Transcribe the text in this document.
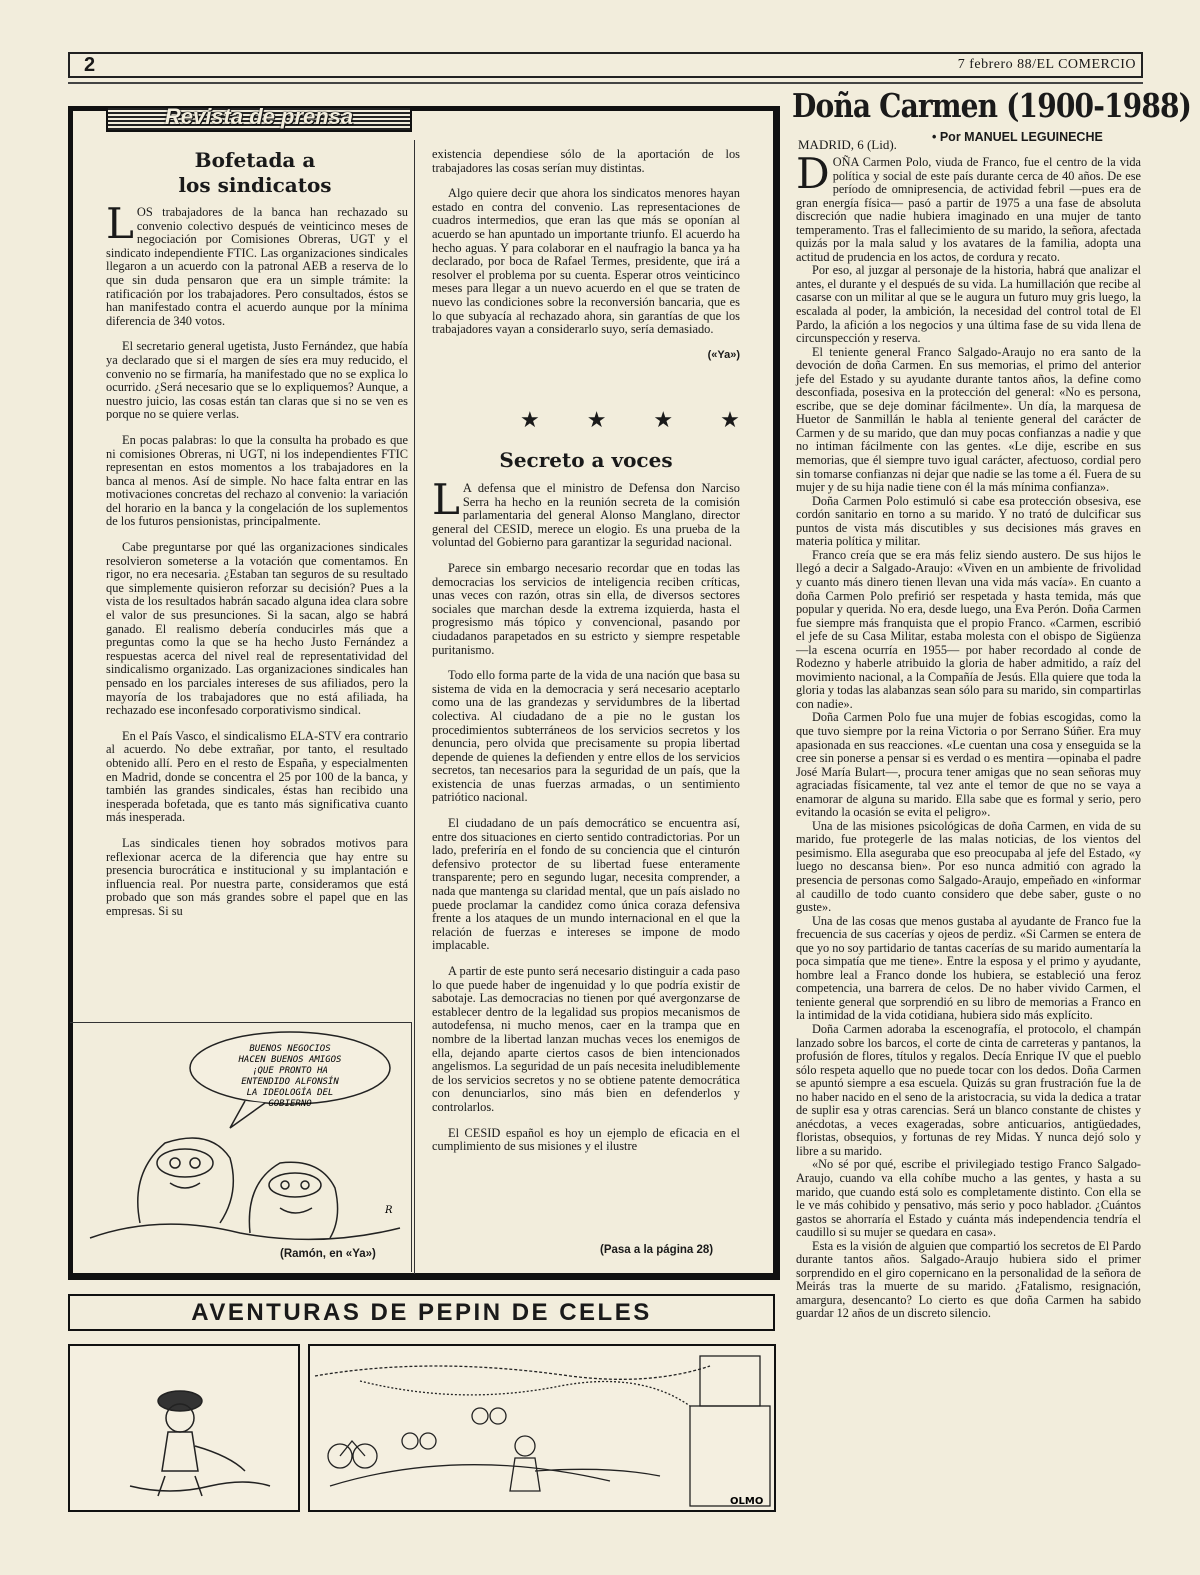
2	7 febrero 88/EL COMERCIO
Revista de prensa
Bofetada a
los sindicatos

LOS trabajadores de la banca han rechazado su convenio colectivo después de veinticinco meses de negociación por Comisiones Obreras, UGT y el sindicato independiente FTIC. Las organizaciones sindicales llegaron a un acuerdo con la patronal AEB a reserva de lo que sin duda pensaron que era un simple trámite: la ratificación por los trabajadores. Pero consultados, éstos se han manifestado contra el acuerdo aunque por la mínima diferencia de 340 votos.

El secretario general ugetista, Justo Fernández, que había ya declarado que si el margen de síes era muy reducido, el convenio no se firmaría, ha manifestado que no se explica lo ocurrido. ¿Será necesario que se lo expliquemos? Aunque, a nuestro juicio, las cosas están tan claras que si no se ven es porque no se quiere verlas.

En pocas palabras: lo que la consulta ha probado es que ni comisiones Obreras, ni UGT, ni los independientes FTIC representan en estos momentos a los trabajadores en la banca al menos. Así de simple. No hace falta entrar en las motivaciones concretas del rechazo al convenio: la variación del horario en la banca y la congelación de los suplementos de los futuros pensionistas, principalmente.

Cabe preguntarse por qué las organizaciones sindicales resolvieron someterse a la votación que comentamos. En rigor, no era necesaria. ¿Estaban tan seguros de su resultado que simplemente quisieron reforzar su decisión? Pues a la vista de los resultados habrán sacado alguna idea clara sobre el valor de sus presunciones. Si la sacan, algo se habrá ganado. El realismo debería conducirles más que a preguntas como la que se ha hecho Justo Fernández a respuestas acerca del nivel real de representatividad del sindicalismo organizado. Las organizaciones sindicales han pensado en los parciales intereses de sus afiliados, pero la mayoría de los trabajadores que no está afiliada, ha rechazado ese inconfesado corporativismo sindical.

En el País Vasco, el sindicalismo ELA-STV era contrario al acuerdo. No debe extrañar, por tanto, el resultado obtenido allí. Pero en el resto de España, y especialmenten en Madrid, donde se concentra el 25 por 100 de la banca, y también las grandes sindicales, éstas han recibido una inesperada bofetada, que es tanto más significativa cuanto más inesperada.

Las sindicales tienen hoy sobrados motivos para reflexionar acerca de la diferencia que hay entre su presencia burocrática e institucional y su implantación e influencia real. Por nuestra parte, consideramos que está probado que son más grandes sobre el papel que en las empresas. Si su

existencia dependiese sólo de la aportación de los trabajadores las cosas serían muy distintas.

Algo quiere decir que ahora los sindicatos menores hayan estado en contra del convenio. Las representaciones de cuadros intermedios, que eran las que más se oponían al acuerdo se han apuntado un importante triunfo. El acuerdo ha hecho aguas. Y para colaborar en el naufragio la banca ya ha declarado, por boca de Rafael Termes, presidente, que irá a resolver el problema por su cuenta. Esperar otros veinticinco meses para llegar a un nuevo acuerdo en el que se traten de nuevo las condiciones sobre la reconversión bancaria, que es lo que subyacía al rechazado ahora, sin garantías de que los trabajadores vayan a considerarlo suyo, sería demasiado.

(«Ya»)
★ ★ ★ ★
Secreto a voces

L A defensa que el ministro de Defensa don Narciso Serra ha hecho en la reunión secreta de la comisión parlamentaria del general Alonso Manglano, director general del CESID, merece un elogio. Es una prueba de la voluntad del Gobierno para garantizar la seguridad nacional.

Parece sin embargo necesario recordar que en todas las democracias los servicios de inteligencia reciben críticas, unas veces con razón, otras sin ella, de diversos sectores sociales que marchan desde la extrema izquierda, hasta el progresismo más tópico y convencional, pasando por ciudadanos parapetados en su estricto y siempre respetable puritanismo.

Todo ello forma parte de la vida de una nación que basa su sistema de vida en la democracia y será necesario aceptarlo como una de las grandezas y servidumbres de la libertad colectiva. Al ciudadano de a pie no le gustan los procedimientos subterráneos de los servicios secretos y los denuncia, pero olvida que precisamente su propia libertad depende de quienes la defienden y entre ellos de los servicios secretos, tan necesarios para la seguridad de un país, que la existencia de unas fuerzas armadas, o un sentimiento patriótico nacional.

El ciudadano de un país democrático se encuentra así, entre dos situaciones en cierto sentido contradictorias. Por un lado, preferiría en el fondo de su conciencia que el cinturón defensivo protector de su libertad fuese enteramente transparente; pero en segundo lugar, necesita comprender, a nada que mantenga su claridad mental, que un país aislado no puede proclamar la candidez como única coraza defensiva frente a los ataques de un mundo internacional en el que la relación de fuerzas e intereses se impone de modo implacable.

A partir de este punto será necesario distinguir a cada paso lo que puede haber de ingenuidad y lo que podría existir de sabotaje. Las democracias no tienen por qué avergonzarse de establecer dentro de la legalidad sus propios mecanismos de autodefensa, ni mucho menos, caer en la trampa que en nombre de la libertad lanzan muchas veces los enemigos de ella, dejando aparte ciertos casos de bien intencionados angelismos. La seguridad de un país necesita ineludiblemente de los servicios secretos y no se obtiene patente democrática con denunciarlos, sino más bien en defenderlos y controlarlos.

El CESID español es hoy un ejemplo de eficacia en el cumplimiento de sus misiones y el ilustre

(Pasa a la página 28)
BUENOS NEGOCIOS
HACEN BUENOS AMIGOS
¡QUE PRONTO HA
ENTENDIDO ALFONSÍN
LA IDEOLOGÍA DEL
GOBIERNO
R
(Ramón, en «Ya»)
AVENTURAS DE PEPIN DE CELES
OLMO
Doña Carmen (1900-1988)
MADRID, 6 (Lid).	• Por MANUEL LEGUINECHE

DOÑA Carmen Polo, viuda de Franco, fue el centro de la vida política y social de este país durante cerca de 40 años. De ese período de omnipresencia, de actividad febril —pues era de gran energía física— pasó a partir de 1975 a una fase de absoluta discreción que nadie hubiera imaginado en una mujer de tanto temperamento. Tras el fallecimiento de su marido, la señora, afectada quizás por la mala salud y los avatares de la familia, adopta una actitud de prudencia en los actos, de cordura y recato.

Por eso, al juzgar al personaje de la historia, habrá que analizar el antes, el durante y el después de su vida. La humillación que recibe al casarse con un militar al que se le augura un futuro muy gris luego, la escalada al poder, la ambición, la necesidad del control total de El Pardo, la afición a los negocios y una última fase de su vida llena de circunspección y reserva.

El teniente general Franco Salgado-Araujo no era santo de la devoción de doña Carmen. En sus memorias, el primo del anterior jefe del Estado y su ayudante durante tantos años, la define como desconfiada, posesiva en la protección del general: «No es persona, escribe, que se deje dominar fácilmente». Un día, la marquesa de Huetor de Sanmillán le habla al teniente general del carácter de Carmen y de su marido, que dan muy pocas confianzas a nadie y que no intiman fácilmente con las gentes. «Le dije, escribe en sus memorias, que él siempre tuvo igual carácter, afectuoso, cordial pero sin tomarse confianzas ni dejar que nadie se las tome a él. Fuera de su mujer y de su hija nadie tiene con él la más mínima confianza».

Doña Carmen Polo estimuló si cabe esa protección obsesiva, ese cordón sanitario en torno a su marido. Y no trató de dulcificar sus puntos de vista más discutibles y sus decisiones más graves en materia política y militar.

Franco creía que se era más feliz siendo austero. De sus hijos le llegó a decir a Salgado-Araujo: «Viven en un ambiente de frivolidad y cuanto más dinero tienen llevan una vida más vacía». En cuanto a doña Carmen Polo prefirió ser respetada y hasta temida, más que popular y querida. No era, desde luego, una Eva Perón. Doña Carmen fue siempre más franquista que el propio Franco. «Carmen, escribió el jefe de su Casa Militar, estaba molesta con el obispo de Sigüenza —la escena ocurría en 1955— por haber recordado al conde de Rodezno y haberle atribuido la gloria de haber admitido, a raíz del movimiento nacional, a la Compañía de Jesús. Ella quiere que toda la gloria y todas las alabanzas sean sólo para su marido, sin compartirlas con nadie».

Doña Carmen Polo fue una mujer de fobias escogidas, como la que tuvo siempre por la reina Victoria o por Serrano Súñer. Era muy apasionada en sus reacciones. «Le cuentan una cosa y enseguida se la cree sin ponerse a pensar si es verdad o es mentira —opinaba el padre José María Bulart—, procura tener amigas que no sean señoras muy agraciadas físicamente, tal vez ante el temor de que no se vaya a enamorar de alguna su marido. Ella sabe que es formal y serio, pero evitando la ocasión se evita el peligro».

Una de las misiones psicológicas de doña Carmen, en vida de su marido, fue protegerle de las malas noticias, de los vientos del pesimismo. Ella aseguraba que eso preocupaba al jefe del Estado, «y luego no descansa bien». Por eso nunca admitió con agrado la presencia de personas como Salgado-Araujo, empeñado en «informar al caudillo de todo cuanto considero que debe saber, guste o no guste».

Una de las cosas que menos gustaba al ayudante de Franco fue la frecuencia de sus cacerías y ojeos de perdiz. «Si Carmen se entera de que yo no soy partidario de tantas cacerías de su marido aumentaría la poca simpatía que me tiene». Entre la esposa y el primo y ayudante, hombre leal a Franco donde los hubiera, se estableció una feroz competencia, una barrera de celos. De no haber vivido Carmen, el teniente general que sorprendió en su libro de memorias a Franco en la intimidad de la vida cotidiana, hubiera sido más explícito.

Doña Carmen adoraba la escenografía, el protocolo, el champán lanzado sobre los barcos, el corte de cinta de carreteras y pantanos, la profusión de flores, títulos y regalos. Decía Enrique IV que el pueblo sólo respeta aquello que no puede tocar con los dedos. Doña Carmen se apuntó siempre a esa escuela. Quizás su gran frustración fue la de no haber nacido en el seno de la aristocracia, su vida la dedica a tratar de suplir esa y otras carencias. Será un blanco constante de chistes y anécdotas, a veces exageradas, sobre anticuarios, antigüedades, floristas, obsequios, y fortunas de rey Midas. Y nunca dejó solo y libre a su marido.

«No sé por qué, escribe el privilegiado testigo Franco Salgado-Araujo, cuando va ella cohíbe mucho a las gentes, y hasta a su marido, que cuando está solo es completamente distinto. Con ella se le ve más cohibido y pensativo, más serio y poco hablador. ¿Cuántos gastos se ahorraría el Estado y cuánta más independencia tendría el caudillo si su mujer se quedara en casa».

Esta es la visión de alguien que compartió los secretos de El Pardo durante tantos años. Salgado-Araujo hubiera sido el primer sorprendido en el giro copernicano en la personalidad de la señora de Meirás tras la muerte de su marido. ¿Fatalismo, resignación, amargura, desencanto? Lo cierto es que doña Carmen ha sabido guardar 12 años de un discreto silencio.
